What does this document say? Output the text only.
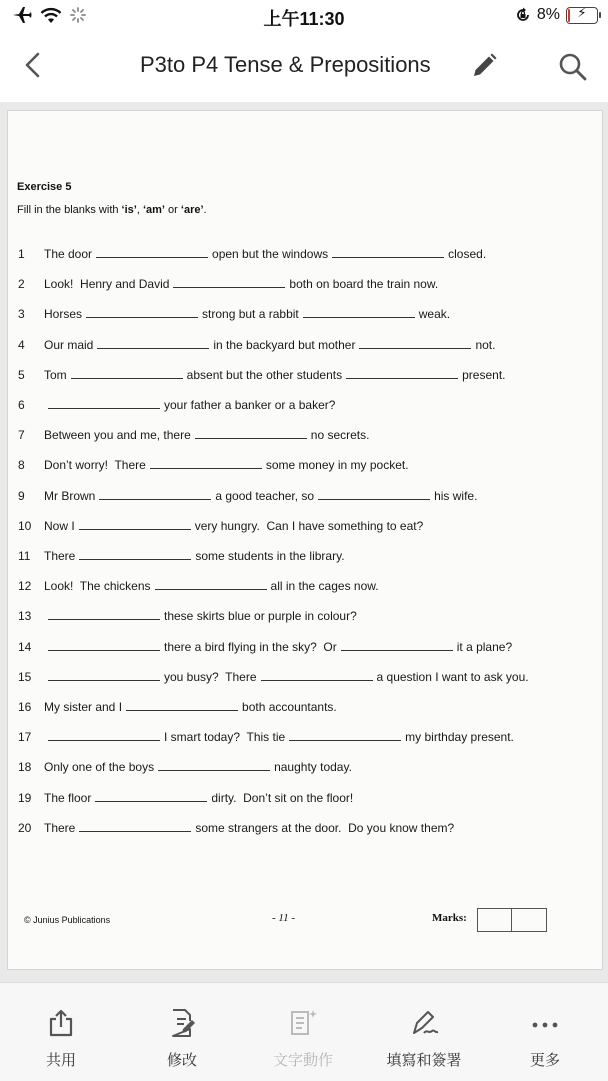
上午11:30	8%	⚡
P3to P4 Tense & Prepositions
Exercise 5
Fill in the blanks with ‘is’, ‘am’ or ‘are’.
1	The door	open but the windows	closed.
2	Look!  Henry and David	both on board the train now.
3	Horses	strong but a rabbit	weak.
4	Our maid	in the backyard but mother	not.
5	Tom	absent but the other students	present.
6	your father a banker or a baker?
7	Between you and me, there	no secrets.
8	Don’t worry!  There	some money in my pocket.
9	Mr Brown	a good teacher, so	his wife.
10	Now I	very hungry.  Can I have something to eat?
11	There	some students in the library.
12	Look!  The chickens	all in the cages now.
13	these skirts blue or purple in colour?
14	there a bird flying in the sky?  Or	it a plane?
15	you busy?  There	a question I want to ask you.
16	My sister and I	both accountants.
17	I smart today?  This tie	my birthday present.
18	Only one of the boys	naughty today.
19	The floor	dirty.  Don’t sit on the floor!
20	There	some strangers at the door.  Do you know them?
© Junius Publications	- 11 -	Marks:
共用	修改	文字動作	填寫和簽署	更多
